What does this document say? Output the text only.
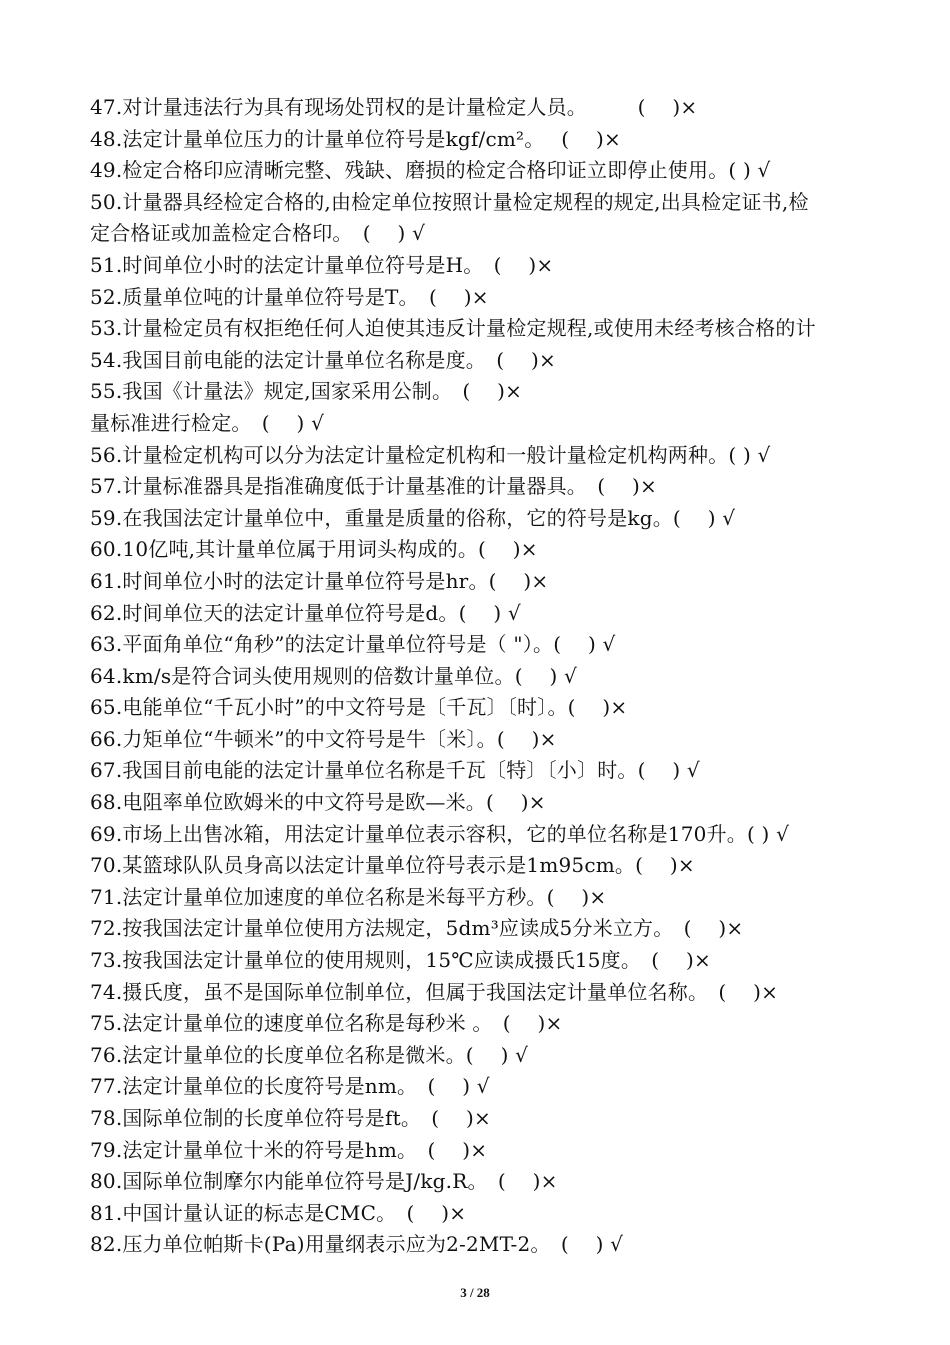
47.对计量违法行为具有现场处罚权的是计量检定人员。　　　(　 )×
48.法定计量单位压力的计量单位符号是kgf/cm²。　 (　 )×
49.检定合格印应清晰完整、残缺、磨损的检定合格印证立即停止使用。( ) √
50.计量器具经检定合格的,由检定单位按照计量检定规程的规定,出具检定证书,检
定合格证或加盖检定合格印。　(　 ) √
51.时间单位小时的法定计量单位符号是H。　(　 )×
52.质量单位吨的计量单位符号是T。　(　 )×
53.计量检定员有权拒绝任何人迫使其违反计量检定规程,或使用未经考核合格的计
54.我国目前电能的法定计量单位名称是度。　(　 )×
55.我国《计量法》规定,国家采用公制。　(　 )×
量标准进行检定。　(　 ) √
56.计量检定机构可以分为法定计量检定机构和一般计量检定机构两种。( ) √
57.计量标准器具是指准确度低于计量基准的计量器具。　(　 )×
59.在我国法定计量单位中，重量是质量的俗称，它的符号是kg。(　 ) √
60.10亿吨,其计量单位属于用词头构成的。(　 )×
61.时间单位小时的法定计量单位符号是hr。(　 )×
62.时间单位天的法定计量单位符号是d。(　 ) √
63.平面角单位“角秒”的法定计量单位符号是（ "）。(　 ) √
64.km/s是符合词头使用规则的倍数计量单位。(　 ) √
65.电能单位“千瓦小时”的中文符号是〔千瓦〕〔时〕。(　 )×
66.力矩单位“牛顿米”的中文符号是牛〔米〕。(　 )×
67.我国目前电能的法定计量单位名称是千瓦〔特〕〔小〕时。(　 ) √
68.电阻率单位欧姆米的中文符号是欧—米。(　 )×
69.市场上出售冰箱，用法定计量单位表示容积，它的单位名称是170升。( ) √
70.某篮球队队员身高以法定计量单位符号表示是1m95cm。(　 )×
71.法定计量单位加速度的单位名称是米每平方秒。(　 )×
72.按我国法定计量单位使用方法规定，5dm³应读成5分米立方。　(　 )×
73.按我国法定计量单位的使用规则，15℃应读成摄氏15度。　(　 )×
74.摄氏度，虽不是国际单位制单位，但属于我国法定计量单位名称。　(　 )×
75.法定计量单位的速度单位名称是每秒米 。　(　 )×
76.法定计量单位的长度单位名称是微米。(　 ) √
77.法定计量单位的长度符号是nm。　(　 ) √
78.国际单位制的长度单位符号是ft。　(　 )×
79.法定计量单位十米的符号是hm。　(　 )×
80.国际单位制摩尔内能单位符号是J/kg.R。　(　 )×
81.中国计量认证的标志是CMC。　(　 )×
82.压力单位帕斯卡(Pa)用量纲表示应为2-2MT-2。　(　 ) √
3 / 28
